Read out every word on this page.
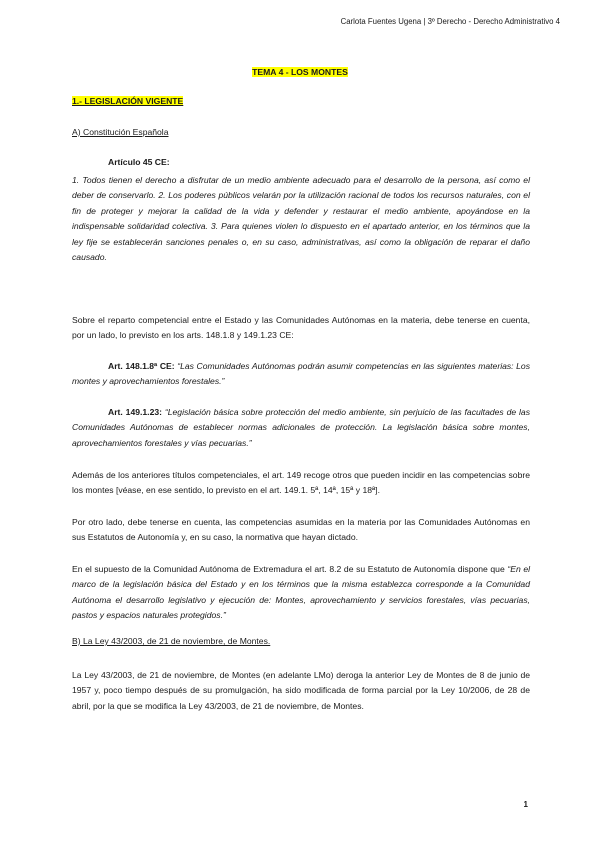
Carlota Fuentes Ugena | 3º Derecho - Derecho Administrativo 4
TEMA 4 - LOS MONTES
1.- LEGISLACIÓN VIGENTE
A) Constitución Española
Artículo 45 CE:
1. Todos tienen el derecho a disfrutar de un medio ambiente adecuado para el desarrollo de la persona, así como el deber de conservarlo. 2. Los poderes públicos velarán por la utilización racional de todos los recursos naturales, con el fin de proteger y mejorar la calidad de la vida y defender y restaurar el medio ambiente, apoyándose en la indispensable solidaridad colectiva. 3. Para quienes violen lo dispuesto en el apartado anterior, en los términos que la ley fije se establecerán sanciones penales o, en su caso, administrativas, así como la obligación de reparar el daño causado.
Sobre el reparto competencial entre el Estado y las Comunidades Autónomas en la materia, debe tenerse en cuenta, por un lado, lo previsto en los arts. 148.1.8 y 149.1.23 CE:
Art. 148.1.8ª CE: “Las Comunidades Autónomas podrán asumir competencias en las siguientes materias: Los montes y aprovechamientos forestales.”
Art. 149.1.23: “Legislación básica sobre protección del medio ambiente, sin perjuicio de las facultades de las Comunidades Autónomas de establecer normas adicionales de protección. La legislación básica sobre montes, aprovechamientos forestales y vías pecuarias.”
Además de los anteriores títulos competenciales, el art. 149 recoge otros que pueden incidir en las competencias sobre los montes [véase, en ese sentido, lo previsto en el art. 149.1. 5ª, 14ª, 15ª y 18ª].
Por otro lado, debe tenerse en cuenta, las competencias asumidas en la materia por las Comunidades Autónomas en sus Estatutos de Autonomía y, en su caso, la normativa que hayan dictado.
En el supuesto de la Comunidad Autónoma de Extremadura el art. 8.2 de su Estatuto de Autonomía dispone que “En el marco de la legislación básica del Estado y en los términos que la misma establezca corresponde a la Comunidad Autónoma el desarrollo legislativo y ejecución de: Montes, aprovechamiento y servicios forestales, vías pecuarias, pastos y espacios naturales protegidos.”
B) La Ley 43/2003, de 21 de noviembre, de Montes.
La Ley 43/2003, de 21 de noviembre, de Montes (en adelante LMo) deroga la anterior Ley de Montes de 8 de junio de 1957 y, poco tiempo después de su promulgación, ha sido modificada de forma parcial por la Ley 10/2006, de 28 de abril, por la que se modifica la Ley 43/2003, de 21 de noviembre, de Montes.
1
